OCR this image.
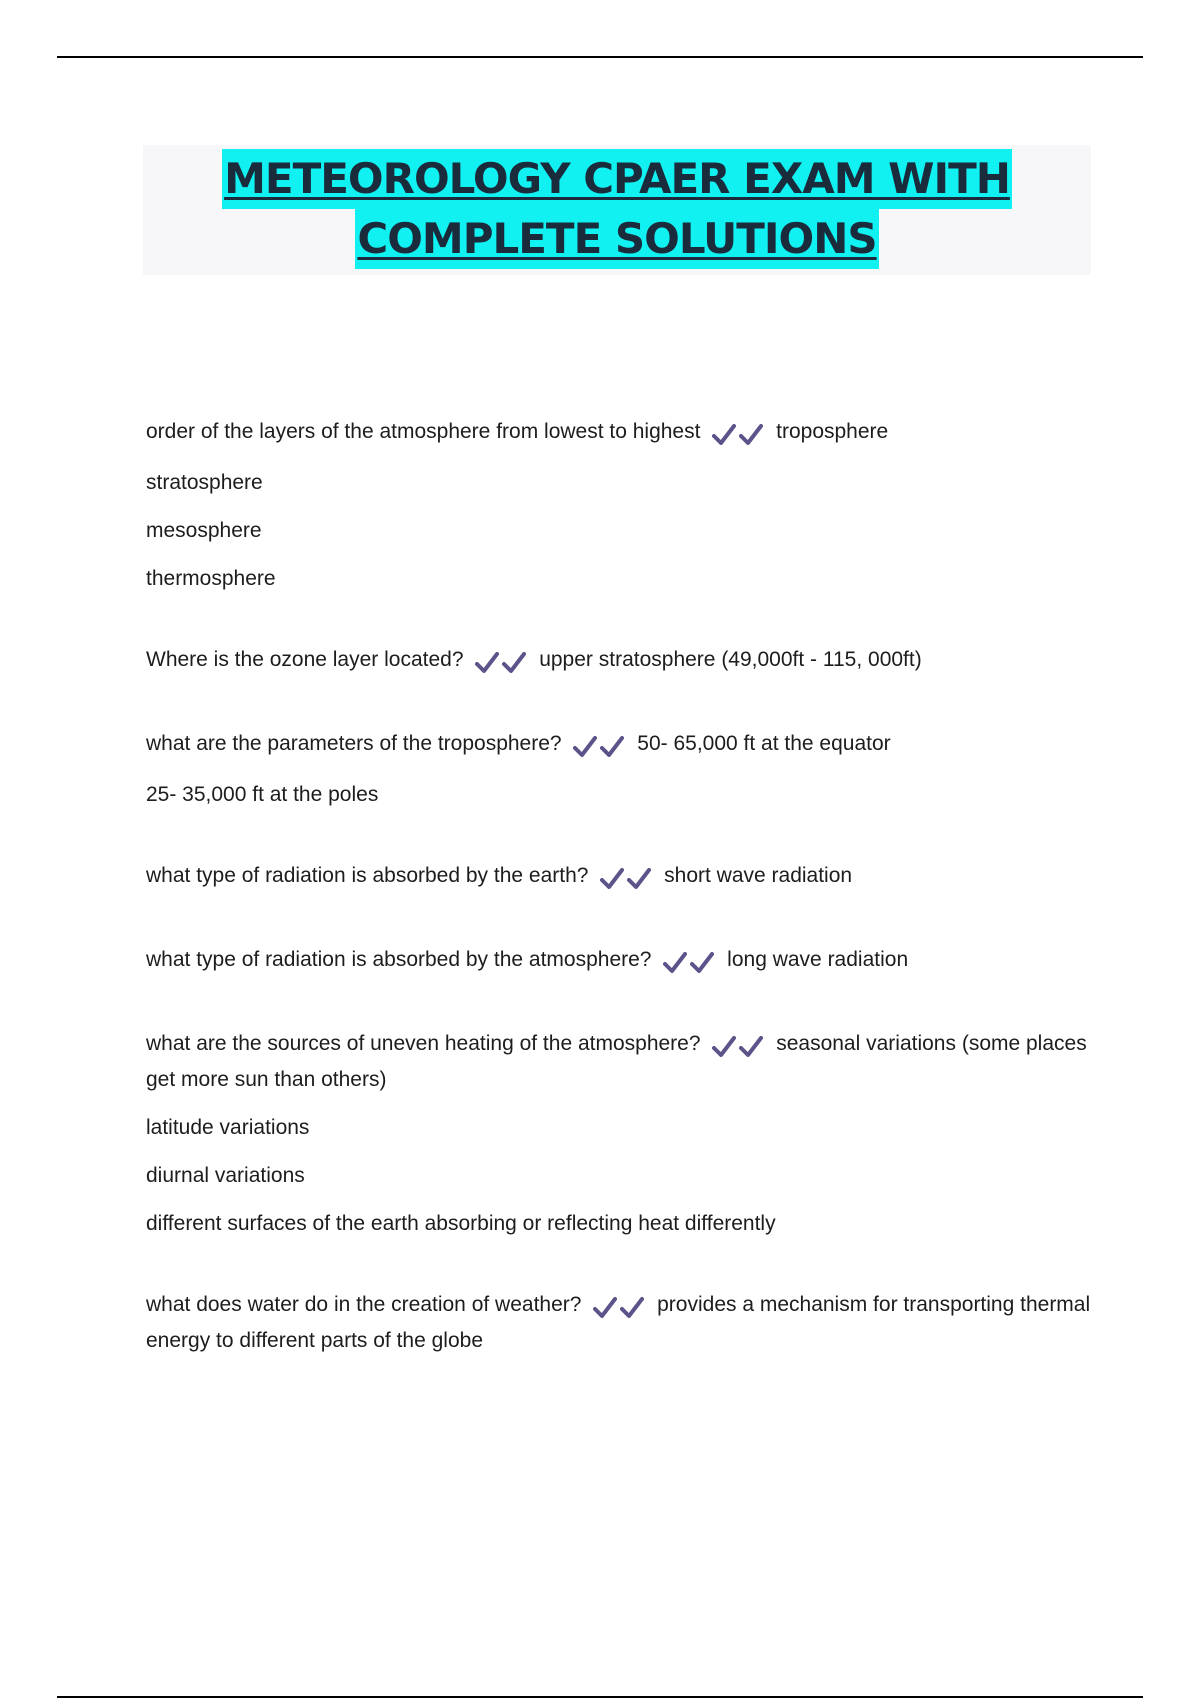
METEOROLOGY CPAER EXAM WITH
COMPLETE SOLUTIONS

order of the layers of the atmosphere from lowest to highest	troposphere

stratosphere

mesosphere

thermosphere

Where is the ozone layer located?	upper stratosphere (49,000ft - 115, 000ft)

what are the parameters of the troposphere?	50- 65,000 ft at the equator

25- 35,000 ft at the poles

what type of radiation is absorbed by the earth?	short wave radiation

what type of radiation is absorbed by the atmosphere?	long wave radiation

what are the sources of uneven heating of the atmosphere?	seasonal variations (some places get more sun than others)

latitude variations

diurnal variations

different surfaces of the earth absorbing or reflecting heat differently

what does water do in the creation of weather?	provides a mechanism for transporting thermal energy to different parts of the globe
